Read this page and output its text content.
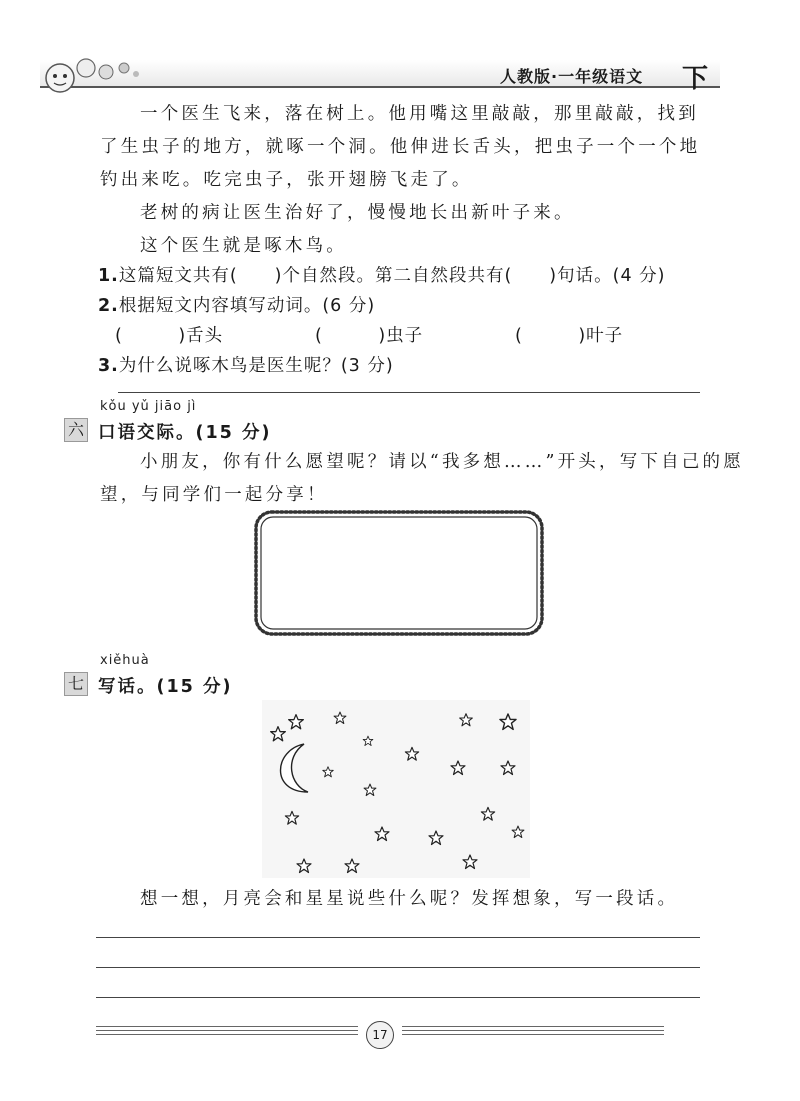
人教版·一年级语文 下
一个医生飞来，落在树上。他用嘴这里敲敲，那里敲敲，找到
了生虫子的地方，就啄一个洞。他伸进长舌头，把虫子一个一个地
钓出来吃。吃完虫子，张开翅膀飞走了。
老树的病让医生治好了，慢慢地长出新叶子来。
这个医生就是啄木鸟。
1.这篇短文共有(　　)个自然段。第二自然段共有(　　)句话。(4 分)
2.根据短文内容填写动词。(6 分)
(　　　)舌头	(　　　)虫子	(　　　)叶子
3.为什么说啄木鸟是医生呢？(3 分)
kǒu yǔ jiāo jì
六 口语交际。(15 分)
小朋友，你有什么愿望呢？请以“我多想……”开头，写下自己的愿
望，与同学们一起分享！
xiěhuà
七 写话。(15 分)
想一想，月亮会和星星说些什么呢？发挥想象，写一段话。
17
